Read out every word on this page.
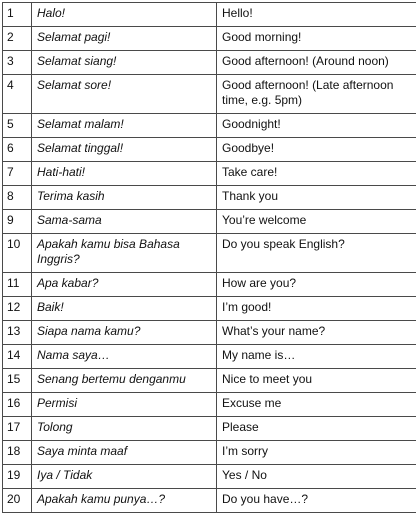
1	Halo!	Hello!
2	Selamat pagi!	Good morning!
3	Selamat siang!	Good afternoon! (Around noon)
4	Selamat sore!	Good afternoon! (Late afternoon time, e.g. 5pm)
5	Selamat malam!	Goodnight!
6	Selamat tinggal!	Goodbye!
7	Hati-hati!	Take care!
8	Terima kasih	Thank you
9	Sama-sama	You’re welcome
10	Apakah kamu bisa Bahasa Inggris?	Do you speak English?
11	Apa kabar?	How are you?
12	Baik!	I’m good!
13	Siapa nama kamu?	What’s your name?
14	Nama saya…	My name is…
15	Senang bertemu denganmu	Nice to meet you
16	Permisi	Excuse me
17	Tolong	Please
18	Saya minta maaf	I’m sorry
19	Iya / Tidak	Yes / No
20	Apakah kamu punya…?	Do you have…?
